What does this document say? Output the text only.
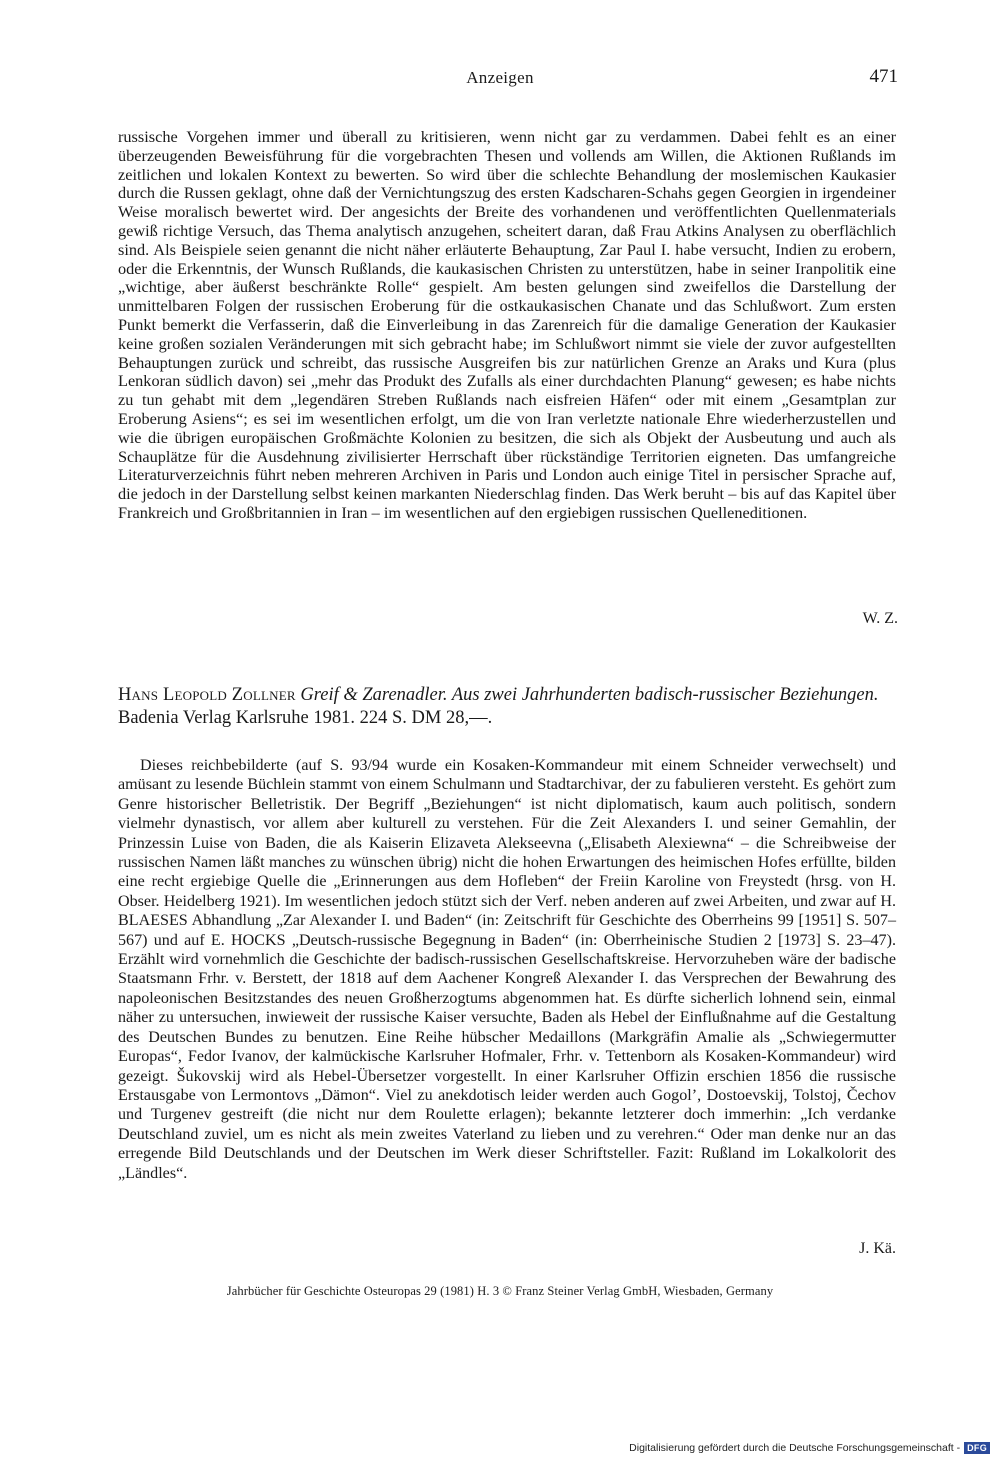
Anzeigen	471
russische Vorgehen immer und überall zu kritisieren, wenn nicht gar zu verdammen. Dabei fehlt es an einer überzeugenden Beweisführung für die vorgebrachten Thesen und vollends am Willen, die Aktionen Rußlands im zeitlichen und lokalen Kontext zu bewerten. So wird über die schlechte Behandlung der moslemischen Kaukasier durch die Russen geklagt, ohne daß der Vernichtungszug des ersten Kadscharen-Schahs gegen Georgien in irgendeiner Weise moralisch bewertet wird. Der angesichts der Breite des vorhandenen und veröffentlichten Quellenmaterials gewiß richtige Versuch, das Thema analytisch anzugehen, scheitert daran, daß Frau Atkins Analysen zu oberflächlich sind. Als Beispiele seien genannt die nicht näher erläuterte Behauptung, Zar Paul I. habe versucht, Indien zu erobern, oder die Erkenntnis, der Wunsch Rußlands, die kaukasischen Christen zu unterstützen, habe in seiner Iranpolitik eine „wichtige, aber äußerst beschränkte Rolle“ gespielt. Am besten gelungen sind zweifellos die Darstellung der unmittelbaren Folgen der russischen Eroberung für die ostkaukasischen Chanate und das Schlußwort. Zum ersten Punkt bemerkt die Verfasserin, daß die Einverleibung in das Zarenreich für die damalige Generation der Kaukasier keine großen sozialen Veränderungen mit sich gebracht habe; im Schlußwort nimmt sie viele der zuvor aufgestellten Behauptungen zurück und schreibt, das russische Ausgreifen bis zur natürlichen Grenze an Araks und Kura (plus Lenkoran südlich davon) sei „mehr das Produkt des Zufalls als einer durchdachten Planung“ gewesen; es habe nichts zu tun gehabt mit dem „legendären Streben Rußlands nach eisfreien Häfen“ oder mit einem „Gesamtplan zur Eroberung Asiens“; es sei im wesentlichen erfolgt, um die von Iran verletzte nationale Ehre wiederherzustellen und wie die übrigen europäischen Großmächte Kolonien zu besitzen, die sich als Objekt der Ausbeutung und auch als Schauplätze für die Ausdehnung zivilisierter Herrschaft über rückständige Territorien eigneten. Das umfangreiche Literaturverzeichnis führt neben mehreren Archiven in Paris und London auch einige Titel in persischer Sprache auf, die jedoch in der Darstellung selbst keinen markanten Niederschlag finden. Das Werk beruht – bis auf das Kapitel über Frankreich und Großbritannien in Iran – im wesentlichen auf den ergiebigen russischen Quelleneditionen.
W. Z.
Hans Leopold Zollner Greif & Zarenadler. Aus zwei Jahrhunderten badisch-russischer Beziehungen. Badenia Verlag Karlsruhe 1981. 224 S. DM 28,—.
Dieses reichbebilderte (auf S. 93/94 wurde ein Kosaken-Kommandeur mit einem Schneider verwechselt) und amüsant zu lesende Büchlein stammt von einem Schulmann und Stadtarchivar, der zu fabulieren versteht. Es gehört zum Genre historischer Belletristik. Der Begriff „Beziehungen“ ist nicht diplomatisch, kaum auch politisch, sondern vielmehr dynastisch, vor allem aber kulturell zu verstehen. Für die Zeit Alexanders I. und seiner Gemahlin, der Prinzessin Luise von Baden, die als Kaiserin Elizaveta Alekseevna („Elisabeth Alexiewna“ – die Schreibweise der russischen Namen läßt manches zu wünschen übrig) nicht die hohen Erwartungen des heimischen Hofes erfüllte, bilden eine recht ergiebige Quelle die „Erinnerungen aus dem Hofleben“ der Freiin Karoline von Freystedt (hrsg. von H. Obser. Heidelberg 1921). Im wesentlichen jedoch stützt sich der Verf. neben anderen auf zwei Arbeiten, und zwar auf H. BLAESES Abhandlung „Zar Alexander I. und Baden“ (in: Zeitschrift für Geschichte des Oberrheins 99 [1951] S. 507–567) und auf E. HOCKS „Deutsch-russische Begegnung in Baden“ (in: Oberrheinische Studien 2 [1973] S. 23–47). Erzählt wird vornehmlich die Geschichte der badisch-russischen Gesellschaftskreise. Hervorzuheben wäre der badische Staatsmann Frhr. v. Berstett, der 1818 auf dem Aachener Kongreß Alexander I. das Versprechen der Bewahrung des napoleonischen Besitzstandes des neuen Großherzogtums abgenommen hat. Es dürfte sicherlich lohnend sein, einmal näher zu untersuchen, inwieweit der russische Kaiser versuchte, Baden als Hebel der Einflußnahme auf die Gestaltung des Deutschen Bundes zu benutzen. Eine Reihe hübscher Medaillons (Markgräfin Amalie als „Schwiegermutter Europas“, Fedor Ivanov, der kalmückische Karlsruher Hofmaler, Frhr. v. Tettenborn als Kosaken-Kommandeur) wird gezeigt. Šukovskij wird als Hebel-Übersetzer vorgestellt. In einer Karlsruher Offizin erschien 1856 die russische Erstausgabe von Lermontovs „Dämon“. Viel zu anekdotisch leider werden auch Gogol’, Dostoevskij, Tolstoj, Čechov und Turgenev gestreift (die nicht nur dem Roulette erlagen); bekannte letzterer doch immerhin: „Ich verdanke Deutschland zuviel, um es nicht als mein zweites Vaterland zu lieben und zu verehren.“ Oder man denke nur an das erregende Bild Deutschlands und der Deutschen im Werk dieser Schriftsteller. Fazit: Rußland im Lokalkolorit des „Ländles“.
J. Kä.
Jahrbücher für Geschichte Osteuropas 29 (1981) H. 3 © Franz Steiner Verlag GmbH, Wiesbaden, Germany
Digitalisierung gefördert durch die Deutsche Forschungsgemeinschaft - DFG
